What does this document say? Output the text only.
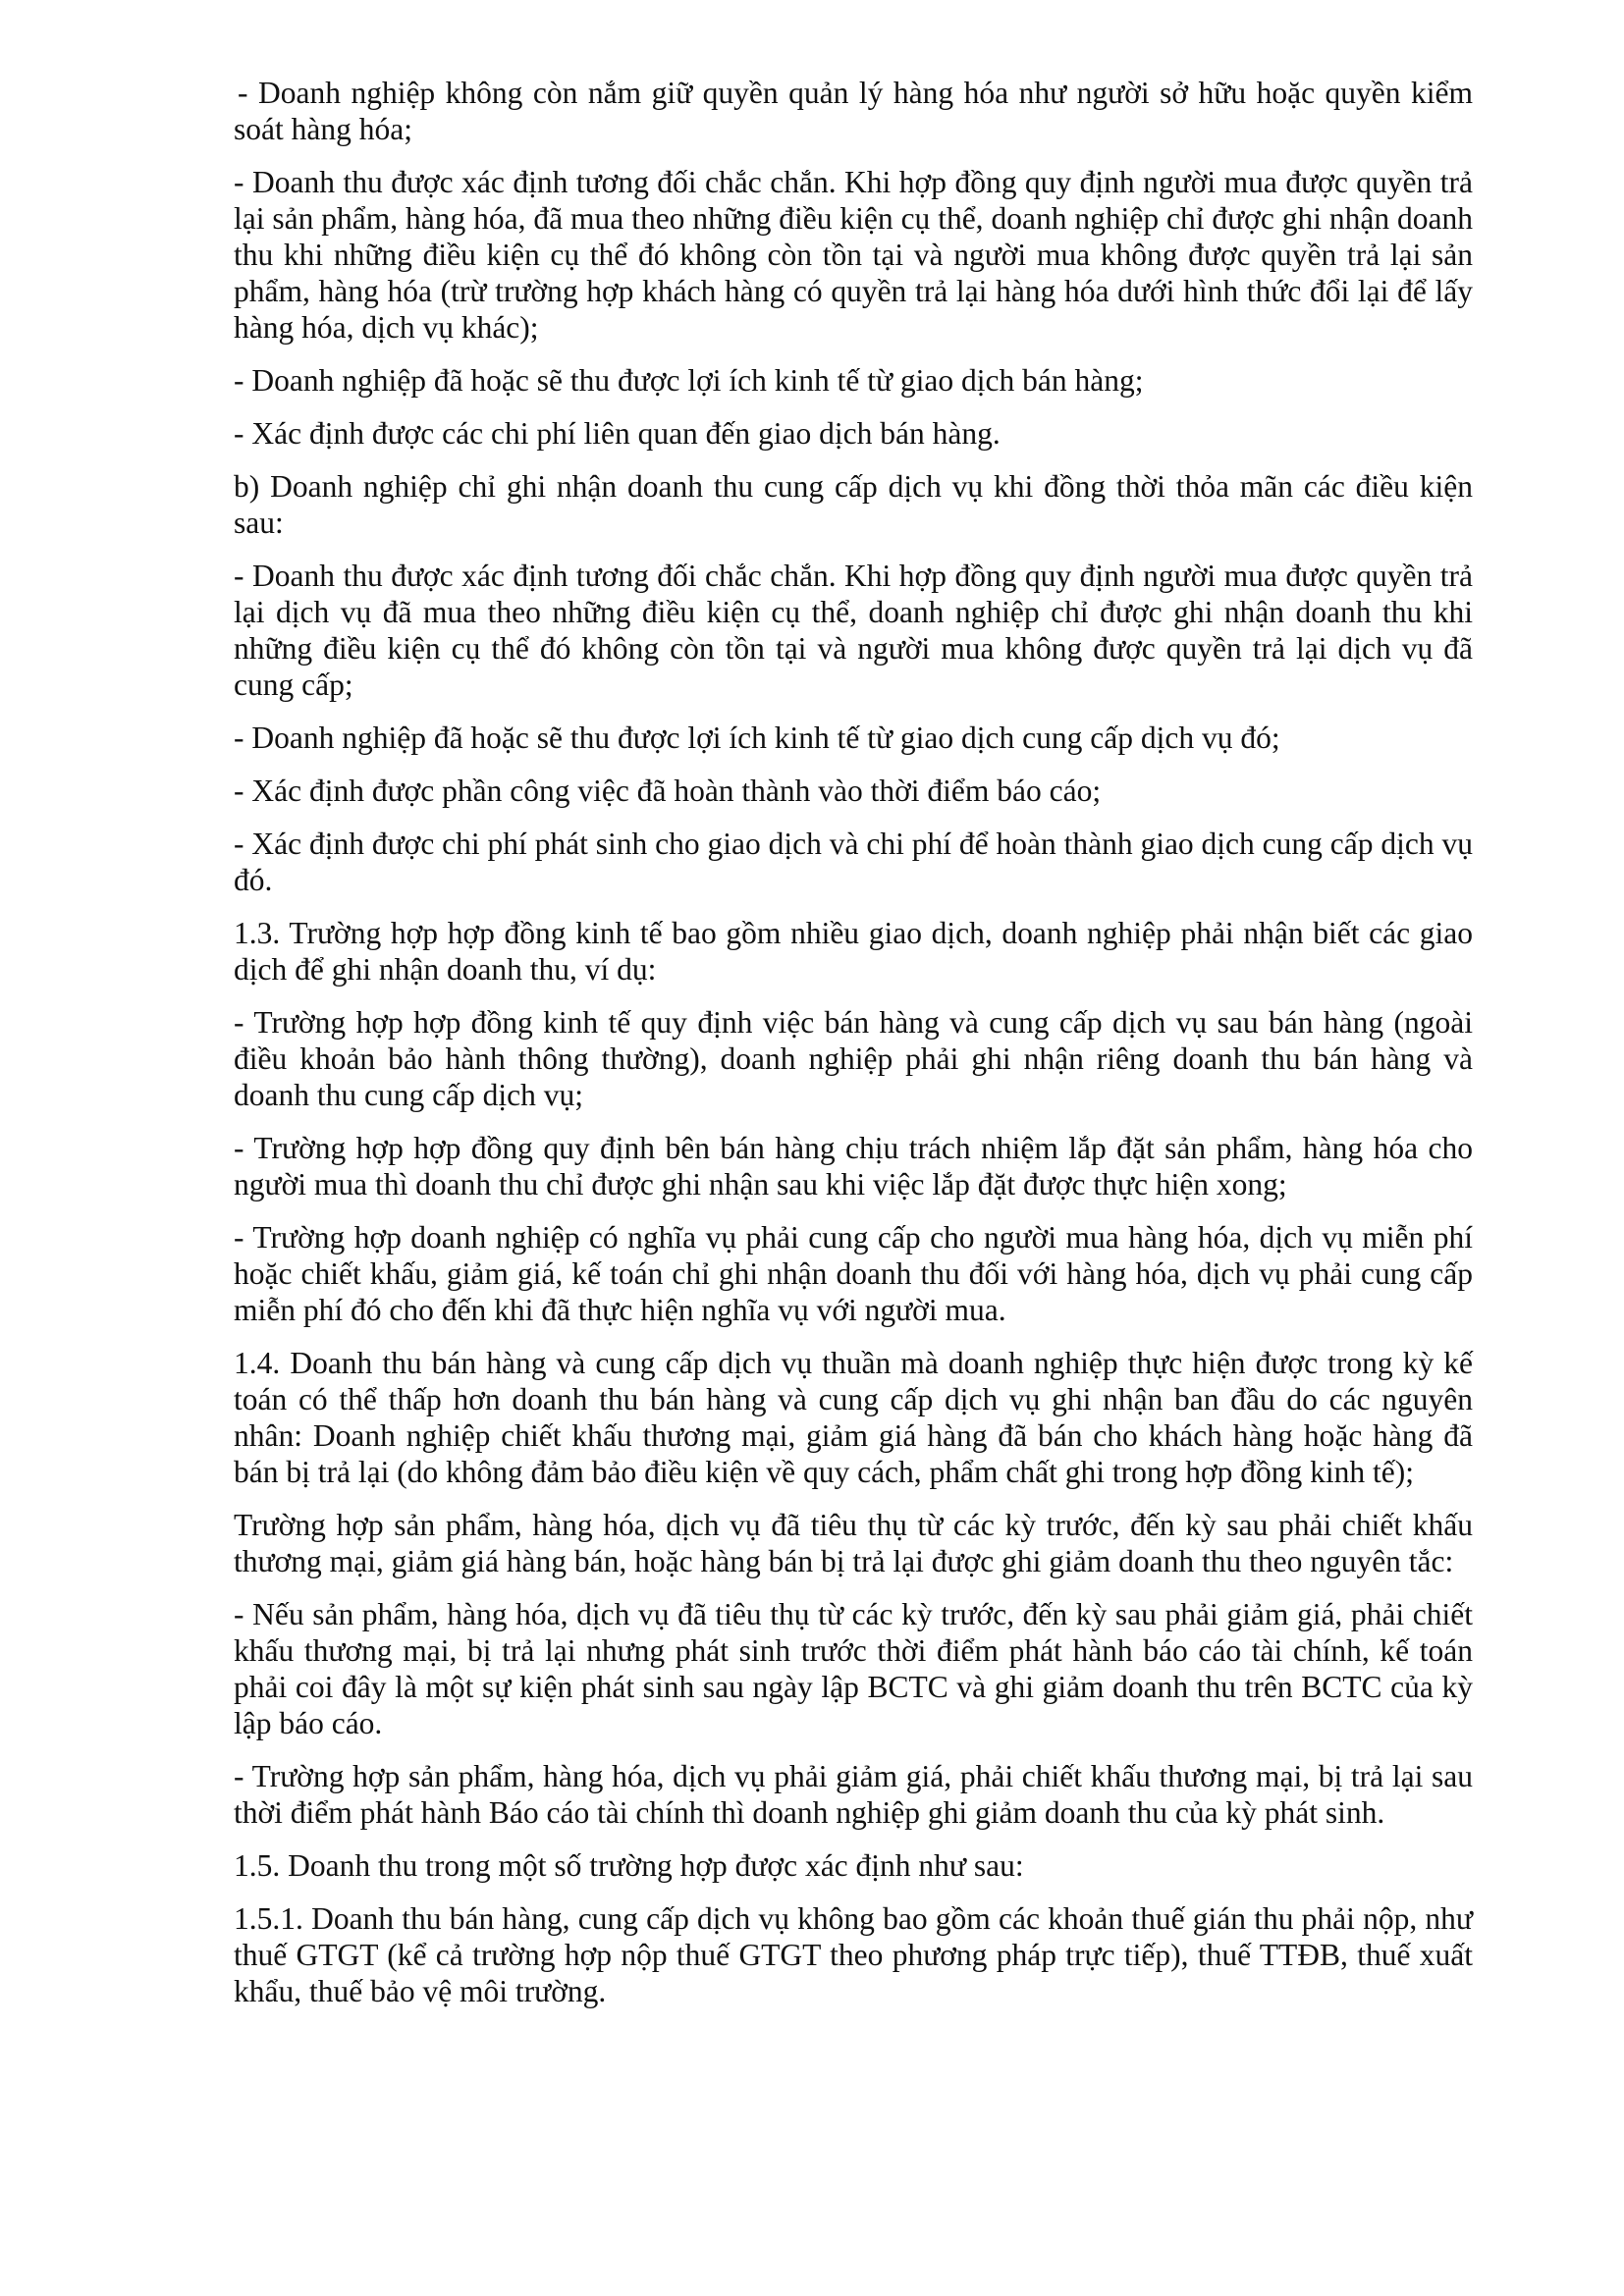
- Doanh nghiệp không còn nắm giữ quyền quản lý hàng hóa như người sở hữu hoặc quyền kiểm soát hàng hóa;

- Doanh thu được xác định tương đối chắc chắn. Khi hợp đồng quy định người mua được quyền trả lại sản phẩm, hàng hóa, đã mua theo những điều kiện cụ thể, doanh nghiệp chỉ được ghi nhận doanh thu khi những điều kiện cụ thể đó không còn tồn tại và người mua không được quyền trả lại sản phẩm, hàng hóa (trừ trường hợp khách hàng có quyền trả lại hàng hóa dưới hình thức đổi lại để lấy hàng hóa, dịch vụ khác);

- Doanh nghiệp đã hoặc sẽ thu được lợi ích kinh tế từ giao dịch bán hàng;

- Xác định được các chi phí liên quan đến giao dịch bán hàng.

b) Doanh nghiệp chỉ ghi nhận doanh thu cung cấp dịch vụ khi đồng thời thỏa mãn các điều kiện sau:

- Doanh thu được xác định tương đối chắc chắn. Khi hợp đồng quy định người mua được quyền trả lại dịch vụ đã mua theo những điều kiện cụ thể, doanh nghiệp chỉ được ghi nhận doanh thu khi những điều kiện cụ thể đó không còn tồn tại và người mua không được quyền trả lại dịch vụ đã cung cấp;

- Doanh nghiệp đã hoặc sẽ thu được lợi ích kinh tế từ giao dịch cung cấp dịch vụ đó;

- Xác định được phần công việc đã hoàn thành vào thời điểm báo cáo;

- Xác định được chi phí phát sinh cho giao dịch và chi phí để hoàn thành giao dịch cung cấp dịch vụ đó.

1.3. Trường hợp hợp đồng kinh tế bao gồm nhiều giao dịch, doanh nghiệp phải nhận biết các giao dịch để ghi nhận doanh thu, ví dụ:

- Trường hợp hợp đồng kinh tế quy định việc bán hàng và cung cấp dịch vụ sau bán hàng (ngoài điều khoản bảo hành thông thường), doanh nghiệp phải ghi nhận riêng doanh thu bán hàng và doanh thu cung cấp dịch vụ;

- Trường hợp hợp đồng quy định bên bán hàng chịu trách nhiệm lắp đặt sản phẩm, hàng hóa cho người mua thì doanh thu chỉ được ghi nhận sau khi việc lắp đặt được thực hiện xong;

- Trường hợp doanh nghiệp có nghĩa vụ phải cung cấp cho người mua hàng hóa, dịch vụ miễn phí hoặc chiết khấu, giảm giá, kế toán chỉ ghi nhận doanh thu đối với hàng hóa, dịch vụ phải cung cấp miễn phí đó cho đến khi đã thực hiện nghĩa vụ với người mua.

1.4. Doanh thu bán hàng và cung cấp dịch vụ thuần mà doanh nghiệp thực hiện được trong kỳ kế toán có thể thấp hơn doanh thu bán hàng và cung cấp dịch vụ ghi nhận ban đầu do các nguyên nhân: Doanh nghiệp chiết khấu thương mại, giảm giá hàng đã bán cho khách hàng hoặc hàng đã bán bị trả lại (do không đảm bảo điều kiện về quy cách, phẩm chất ghi trong hợp đồng kinh tế);

Trường hợp sản phẩm, hàng hóa, dịch vụ đã tiêu thụ từ các kỳ trước, đến kỳ sau phải chiết khấu thương mại, giảm giá hàng bán, hoặc hàng bán bị trả lại được ghi giảm doanh thu theo nguyên tắc:

- Nếu sản phẩm, hàng hóa, dịch vụ đã tiêu thụ từ các kỳ trước, đến kỳ sau phải giảm giá, phải chiết khấu thương mại, bị trả lại nhưng phát sinh trước thời điểm phát hành báo cáo tài chính, kế toán phải coi đây là một sự kiện phát sinh sau ngày lập BCTC và ghi giảm doanh thu trên BCTC của kỳ lập báo cáo.

- Trường hợp sản phẩm, hàng hóa, dịch vụ phải giảm giá, phải chiết khấu thương mại, bị trả lại sau thời điểm phát hành Báo cáo tài chính thì doanh nghiệp ghi giảm doanh thu của kỳ phát sinh.

1.5. Doanh thu trong một số trường hợp được xác định như sau:

1.5.1. Doanh thu bán hàng, cung cấp dịch vụ không bao gồm các khoản thuế gián thu phải nộp, như thuế GTGT (kể cả trường hợp nộp thuế GTGT theo phương pháp trực tiếp), thuế TTĐB, thuế xuất khẩu, thuế bảo vệ môi trường.
